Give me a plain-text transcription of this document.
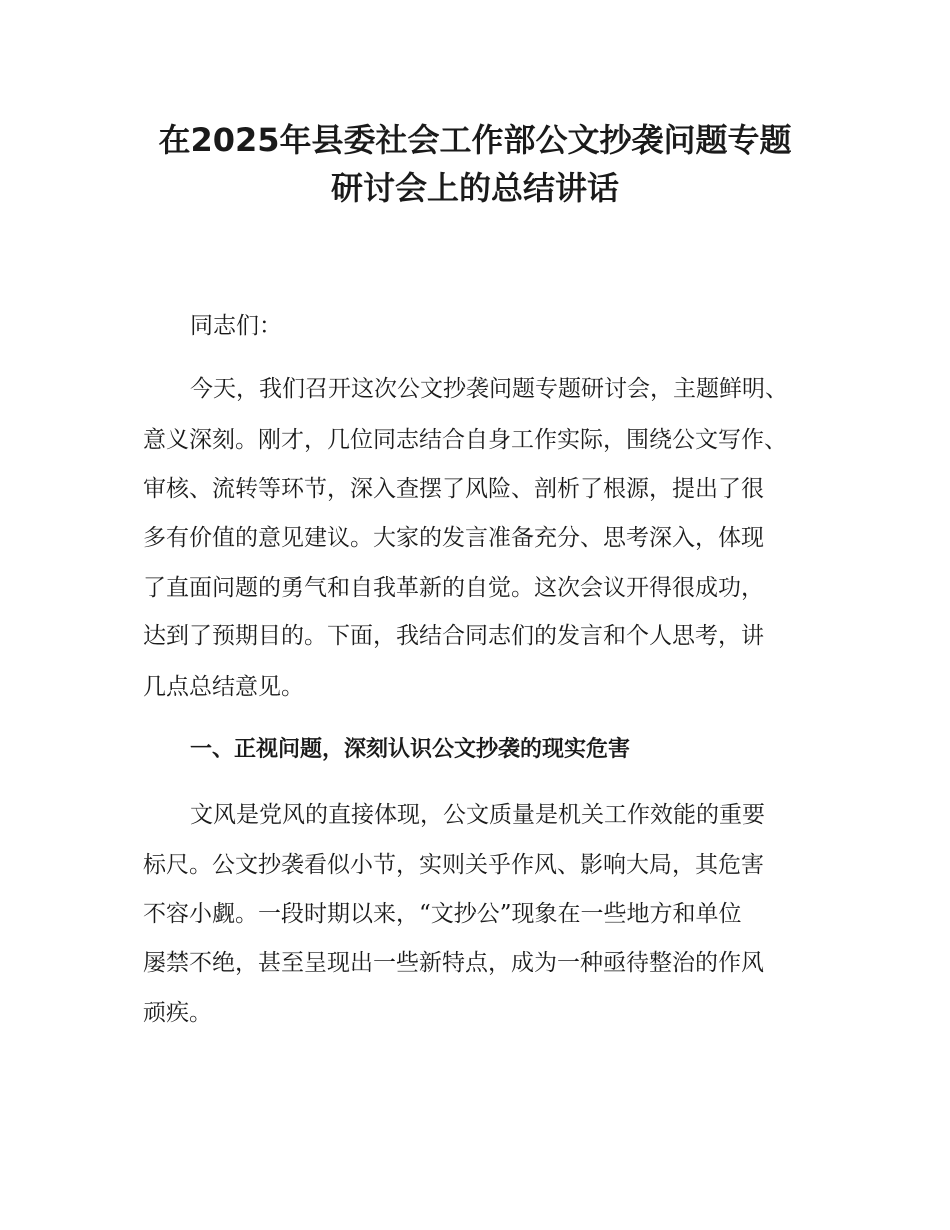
在2025年县委社会工作部公文抄袭问题专题
研讨会上的总结讲话

同志们：

今天，我们召开这次公文抄袭问题专题研讨会，主题鲜明、

意义深刻。刚才，几位同志结合自身工作实际，围绕公文写作、

审核、流转等环节，深入查摆了风险、剖析了根源，提出了很

多有价值的意见建议。大家的发言准备充分、思考深入，体现

了直面问题的勇气和自我革新的自觉。这次会议开得很成功，

达到了预期目的。下面，我结合同志们的发言和个人思考，讲

几点总结意见。

一、正视问题，深刻认识公文抄袭的现实危害

文风是党风的直接体现，公文质量是机关工作效能的重要

标尺。公文抄袭看似小节，实则关乎作风、影响大局，其危害

不容小觑。一段时期以来，“文抄公”现象在一些地方和单位

屡禁不绝，甚至呈现出一些新特点，成为一种亟待整治的作风

顽疾。
